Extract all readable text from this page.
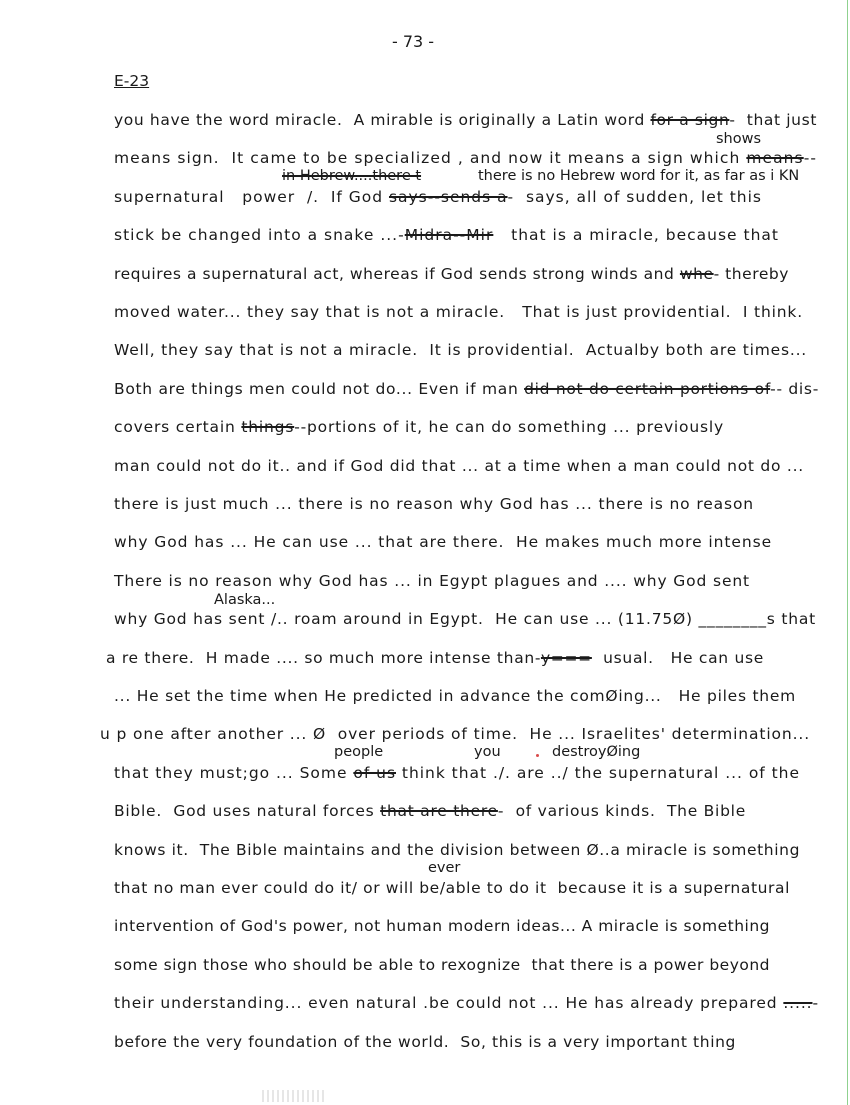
- 73 -
E-23
you have the word miracle.  A mirable is originally a Latin word for a sign-  that just
means sign.  It came to be specialized , and now it means a sign which means--
supernatural   power  /.  If God says--sends a-  says, all of sudden, let this
stick be changed into a snake ...-Midra--Mir   that is a miracle, because that
requires a supernatural act, whereas if God sends strong winds and whe- thereby
moved water... they say that is not a miracle.   That is just providential.  I think.
Well, they say that is not a miracle.  It is providential.  Actualby both are times...
Both are things men could not do... Even if man did not do certain portions of-- dis-
covers certain things--portions of it, he can do something ... previously
man could not do it.. and if God did that ... at a time when a man could not do ...
there is just much ... there is no reason why God has ... there is no reason
why God has ... He can use ... that are there.  He makes much more intense
There is no reason why God has ... in Egypt plagues and .... why God sent
why God has sent /.. roam around in Egypt.  He can use ... (11.75Ø) ________s that
a re there.  H made .... so much more intense than-y===  usual.   He can use
... He set the time when He predicted in advance the comØing...   He piles them
u p one after another ... Ø  over periods of time.  He ... Israelites' determination...
that they must;go ... Some of us think that ./. are ../ the supernatural ... of the
Bible.  God uses natural forces that are there-  of various kinds.  The Bible
knows it.  The Bible maintains and the division between Ø..a miracle is something
that no man ever could do it/ or will be/able to do it  because it is a supernatural
intervention of God's power, not human modern ideas... A miracle is something
some sign those who should be able to rexognize  that there is a power beyond
their understanding... even natural .be could not ... He has already prepared .....-
before the very foundation of the world.  So, this is a very important thing
shows
in Hebrew....there t	there is no Hebrew word for it, as far as i KN
Alaska...
people	you	destroyØing
ever
